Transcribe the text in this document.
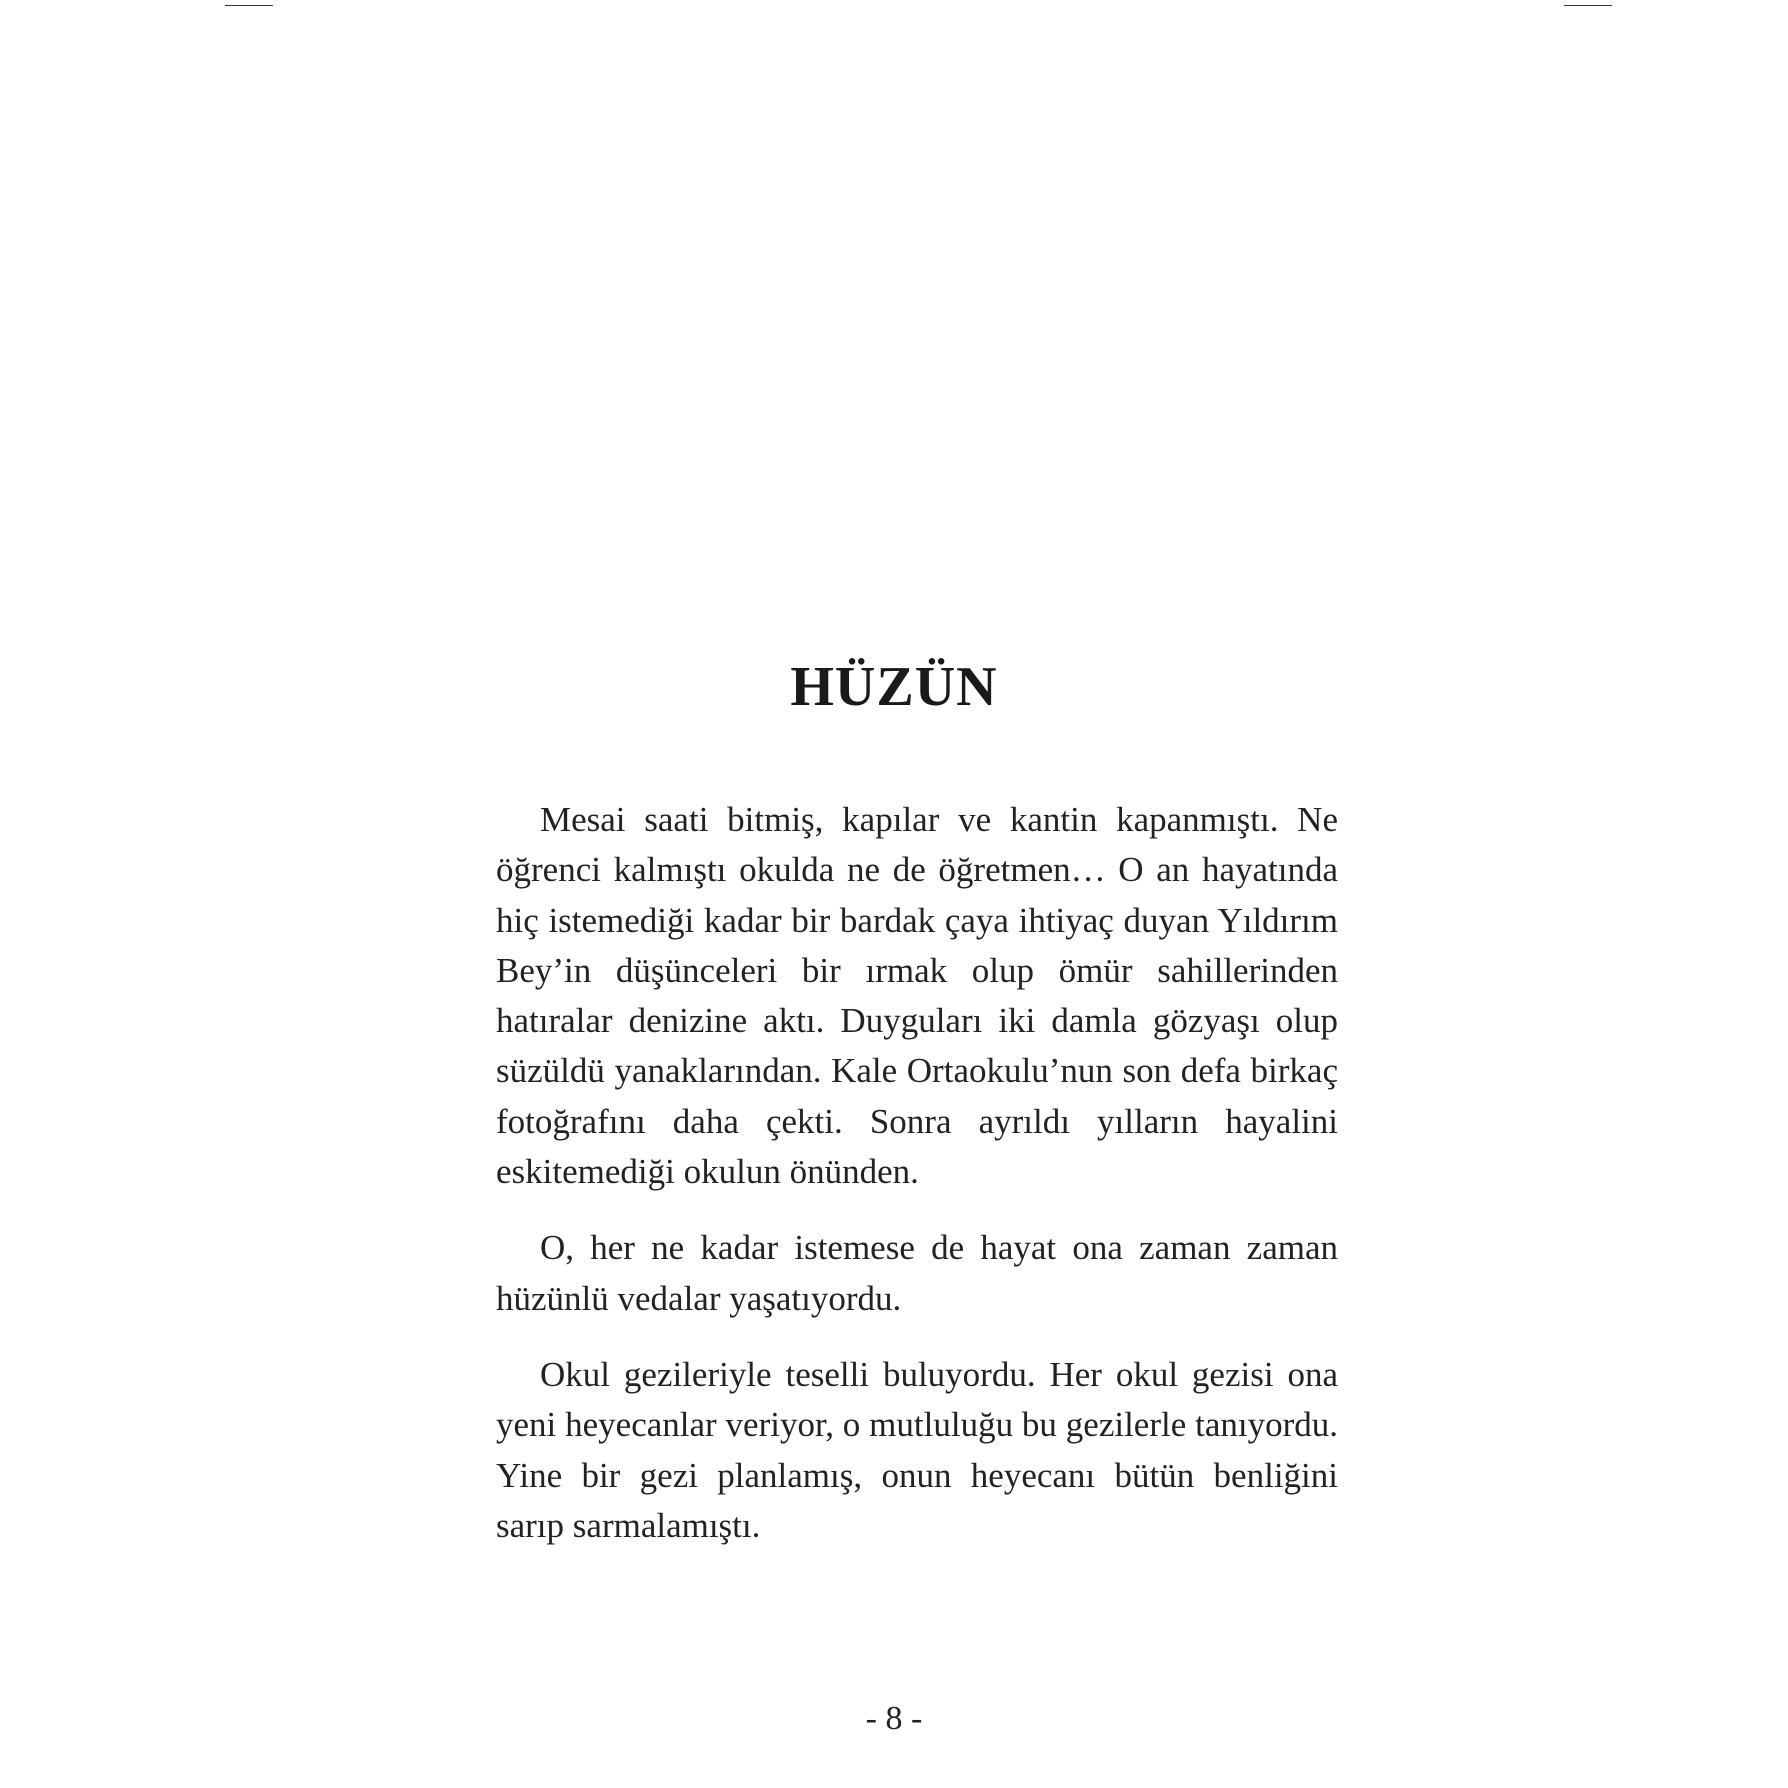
HÜZÜN

Mesai saati bitmiş, kapılar ve kantin kapanmıştı. Ne öğrenci kalmıştı okulda ne de öğretmen… O an hayatında hiç istemediği kadar bir bardak çaya ihtiyaç duyan Yıldırım Bey’in düşünceleri bir ırmak olup ömür sahillerinden hatıralar denizine aktı. Duyguları iki damla gözyaşı olup süzüldü yanaklarından. Kale Ortaokulu’nun son defa birkaç fotoğrafını daha çekti. Sonra ayrıldı yılların hayalini eskitemediği okulun önünden.

O, her ne kadar istemese de hayat ona zaman zaman hüzünlü vedalar yaşatıyordu.

Okul gezileriyle teselli buluyordu. Her okul gezisi ona yeni heyecanlar veriyor, o mutluluğu bu gezilerle tanıyordu. Yine bir gezi planlamış, onun heyecanı bütün benliğini sarıp sarmalamıştı.

- 8 -
